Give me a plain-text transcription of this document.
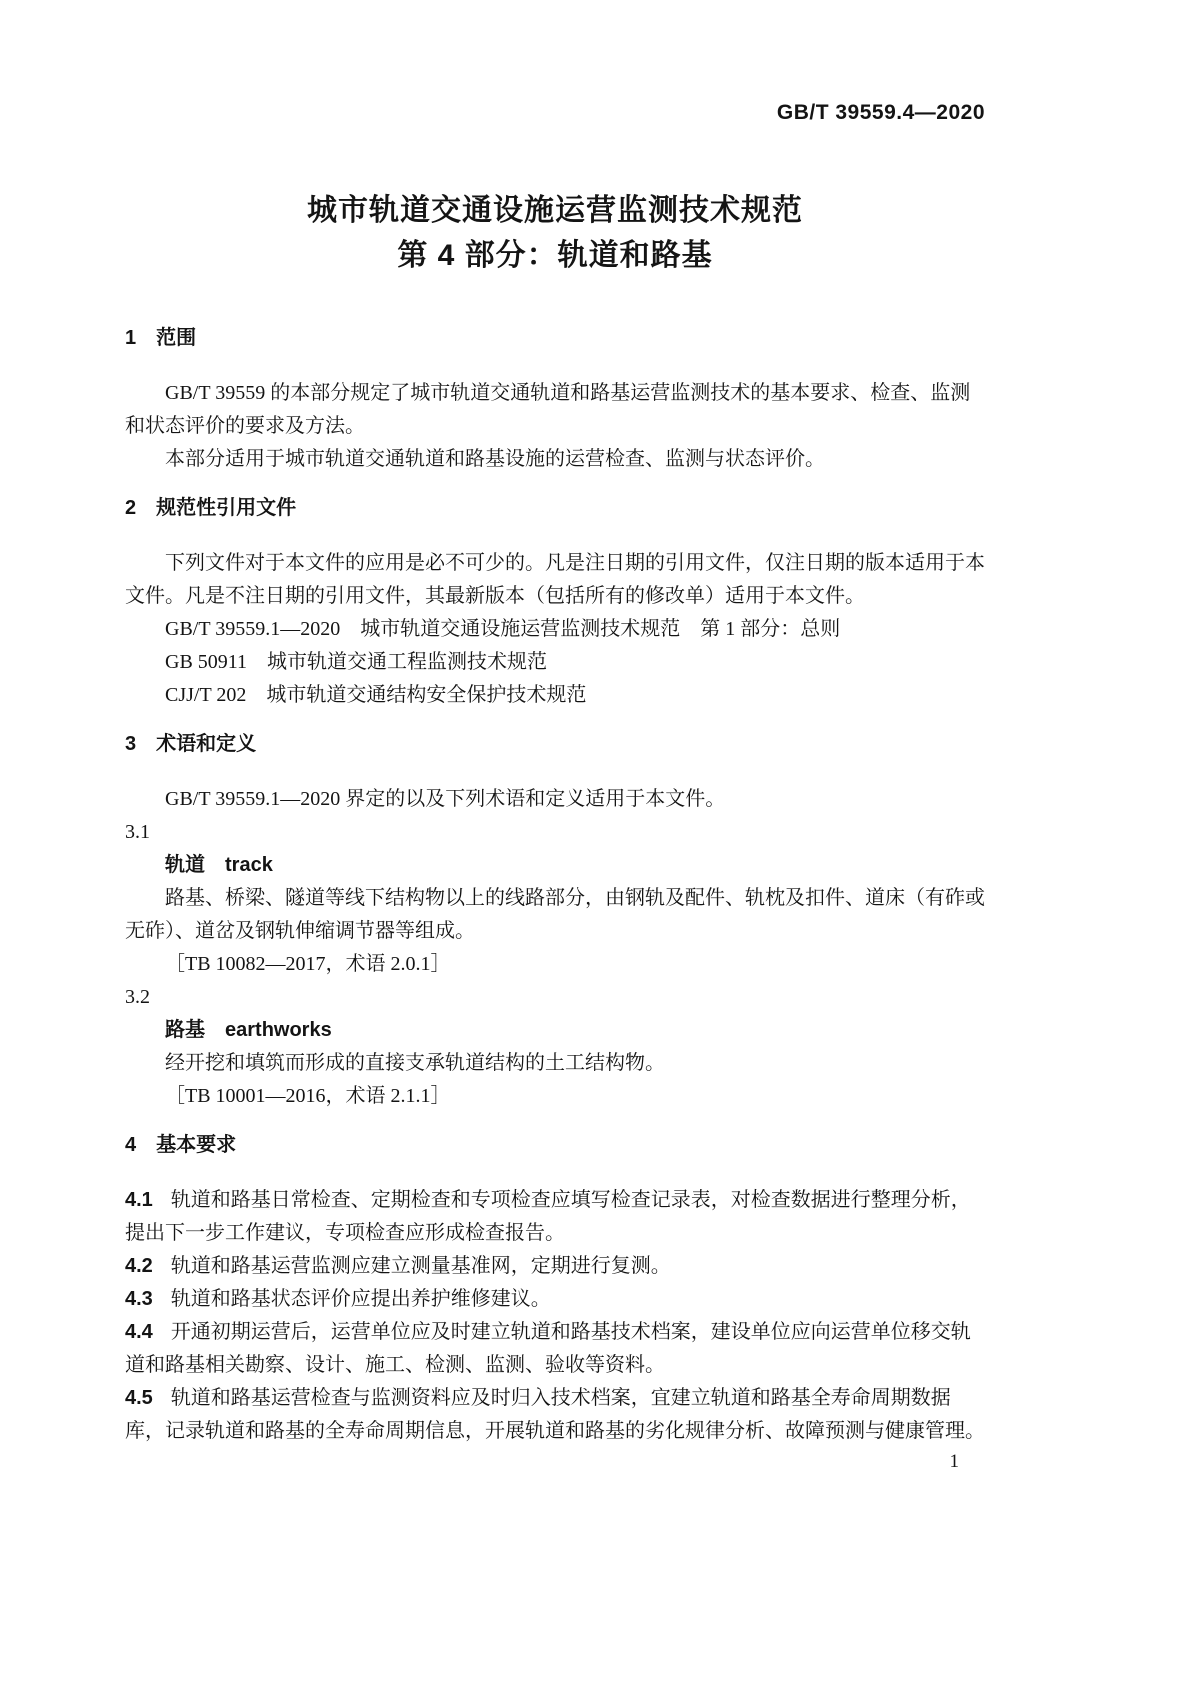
GB/T 39559.4—2020
城市轨道交通设施运营监测技术规范
第 4 部分：轨道和路基
1 范围

GB/T 39559 的本部分规定了城市轨道交通轨道和路基运营监测技术的基本要求、检查、监测和状态评价的要求及方法。

本部分适用于城市轨道交通轨道和路基设施的运营检查、监测与状态评价。

2 规范性引用文件

下列文件对于本文件的应用是必不可少的。凡是注日期的引用文件，仅注日期的版本适用于本文件。凡是不注日期的引用文件，其最新版本（包括所有的修改单）适用于本文件。

GB/T 39559.1—2020　城市轨道交通设施运营监测技术规范　第 1 部分：总则

GB 50911　城市轨道交通工程监测技术规范

CJJ/T 202　城市轨道交通结构安全保护技术规范

3 术语和定义

GB/T 39559.1—2020 界定的以及下列术语和定义适用于本文件。

3.1

轨道　track

路基、桥梁、隧道等线下结构物以上的线路部分，由钢轨及配件、轨枕及扣件、道床（有砟或无砟）、道岔及钢轨伸缩调节器等组成。

［TB 10082—2017，术语 2.0.1］

3.2

路基　earthworks

经开挖和填筑而形成的直接支承轨道结构的土工结构物。

［TB 10001—2016，术语 2.1.1］

4 基本要求

4.1 轨道和路基日常检查、定期检查和专项检查应填写检查记录表，对检查数据进行整理分析，提出下一步工作建议，专项检查应形成检查报告。

4.2 轨道和路基运营监测应建立测量基准网，定期进行复测。

4.3 轨道和路基状态评价应提出养护维修建议。

4.4 开通初期运营后，运营单位应及时建立轨道和路基技术档案，建设单位应向运营单位移交轨道和路基相关勘察、设计、施工、检测、监测、验收等资料。

4.5 轨道和路基运营检查与监测资料应及时归入技术档案，宜建立轨道和路基全寿命周期数据库，记录轨道和路基的全寿命周期信息，开展轨道和路基的劣化规律分析、故障预测与健康管理。

1
